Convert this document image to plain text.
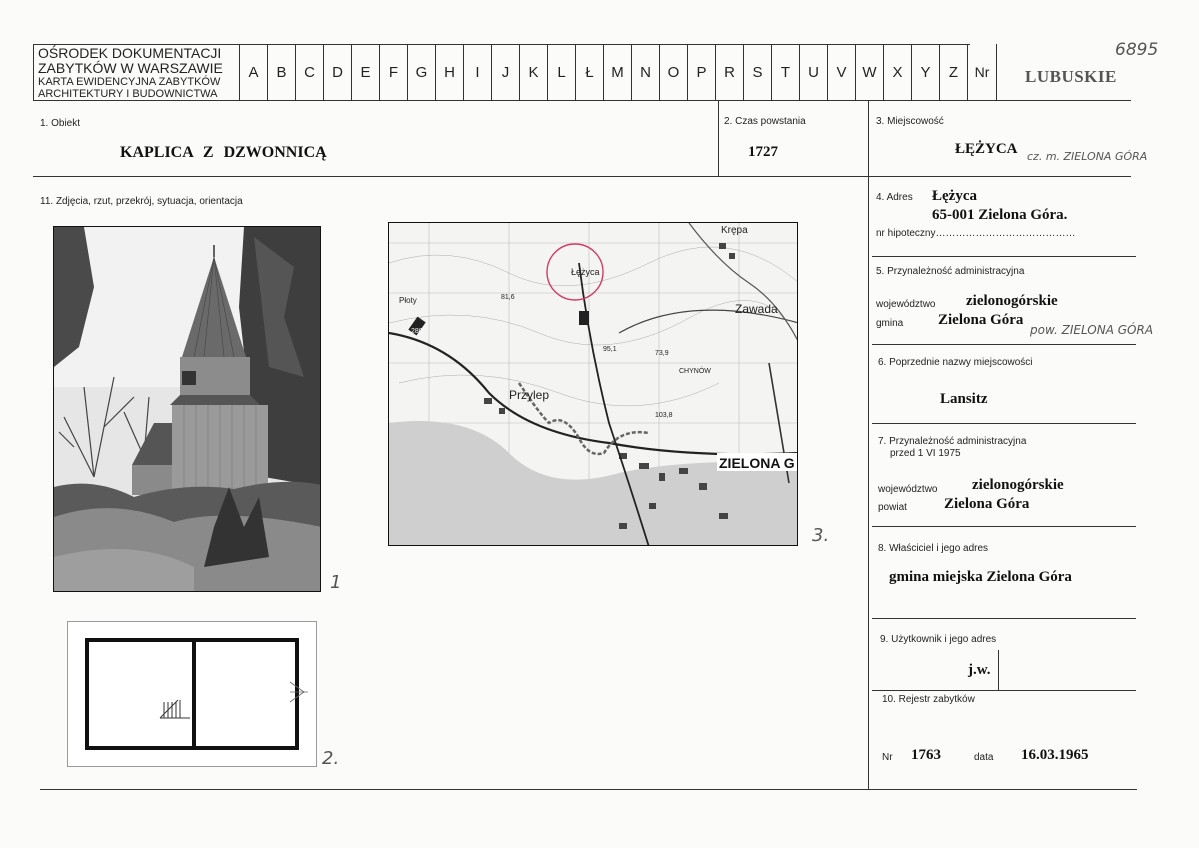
OŚRODEK DOKUMENTACJI
ZABYTKÓW W WARSZAWIE
KARTA EWIDENCYJNA ZABYTKÓW
ARCHITEKTURY I BUDOWNICTWA
A	B	C	D	E	F	G	H	I	J	K	L	Ł	M	N	O	P	R	S	T	U	V	W	X	Y	Z	Nr	LUBUSKIE
6895
1. Obiekt
KAPLICA Z DZWONNICĄ
2. Czas powstania
1727
3. Miejscowość
ŁĘŻYCA cz. m. ZIELONA GÓRA
11. Zdjęcia, rzut, przekrój, sytuacja, orientacja
1
Krępa
Łężyca
Zawada
Przylep
CHYNÓW
Płoty
280
81,6
95,1
73,9
103,8
ZIELONA G
3.
2.
4. Adres Łężyca
65-001 Zielona Góra.
nr hipoteczny……………………………………
5. Przynależność administracyjna
województwo zielonogórskie
gmina Zielona Góra
pow. ZIELONA GÓRA
6. Poprzednie nazwy miejscowości
Lansitz
7. Przynależność administracyjna
przed 1 VI 1975
województwo zielonogórskie
powiat Zielona Góra
8. Właściciel i jego adres
gmina miejska Zielona Góra
9. Użytkownik i jego adres
j.w.
10. Rejestr zabytków
Nr 1763	data 16.03.1965
